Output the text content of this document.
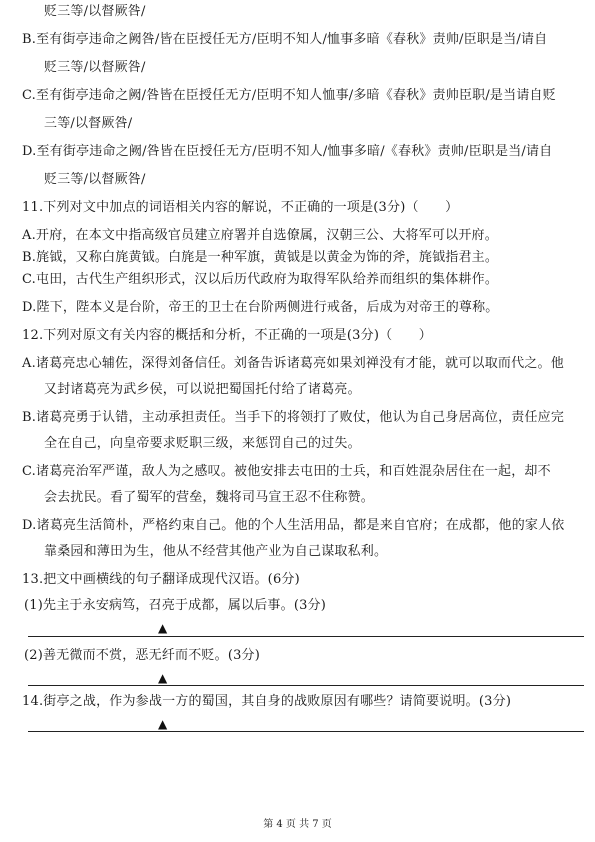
贬三等/以督厥咎/
B.至有街亭违命之阙咎/皆在臣授任无方/臣明不知人/恤事多暗《春秋》责帅/臣职是当/请自
贬三等/以督厥咎/
C.至有街亭违命之阙/咎皆在臣授任无方/臣明不知人恤事/多暗《春秋》责帅臣职/是当请自贬
三等/以督厥咎/
D.至有街亭违命之阙/咎皆在臣授任无方/臣明不知人/恤事多暗/《春秋》责帅/臣职是当/请自
贬三等/以督厥咎/
11.下列对文中加点的词语相关内容的解说，不正确的一项是(3分)（　　）
A.开府，在本文中指高级官员建立府署并自选僚属，汉朝三公、大将军可以开府。
B.旄钺，又称白旄黄钺。白旄是一种军旗，黄钺是以黄金为饰的斧，旄钺指君主。
C.屯田，古代生产组织形式，汉以后历代政府为取得军队给养而组织的集体耕作。
D.陛下，陛本义是台阶，帝王的卫士在台阶两侧进行戒备，后成为对帝王的尊称。
12.下列对原文有关内容的概括和分析，不正确的一项是(3分)（　　）
A.诸葛亮忠心辅佐，深得刘备信任。刘备告诉诸葛亮如果刘禅没有才能，就可以取而代之。他
又封诸葛亮为武乡侯，可以说把蜀国托付给了诸葛亮。
B.诸葛亮勇于认错，主动承担责任。当手下的将领打了败仗，他认为自己身居高位，责任应完
全在自己，向皇帝要求贬职三级，来惩罚自己的过失。
C.诸葛亮治军严谨，敌人为之感叹。被他安排去屯田的士兵，和百姓混杂居住在一起，却不
会去扰民。看了蜀军的营垒，魏将司马宣王忍不住称赞。
D.诸葛亮生活简朴，严格约束自己。他的个人生活用品，都是来自官府；在成都，他的家人依
靠桑园和薄田为生，他从不经营其他产业为自己谋取私利。
13.把文中画横线的句子翻译成现代汉语。(6分)
(1)先主于永安病笃，召亮于成都，属以后事。(3分)
▲
(2)善无微而不赏，恶无纤而不贬。(3分)
▲
14.街亭之战，作为参战一方的蜀国，其自身的战败原因有哪些？请简要说明。(3分)
▲
第 4 页 共 7 页
